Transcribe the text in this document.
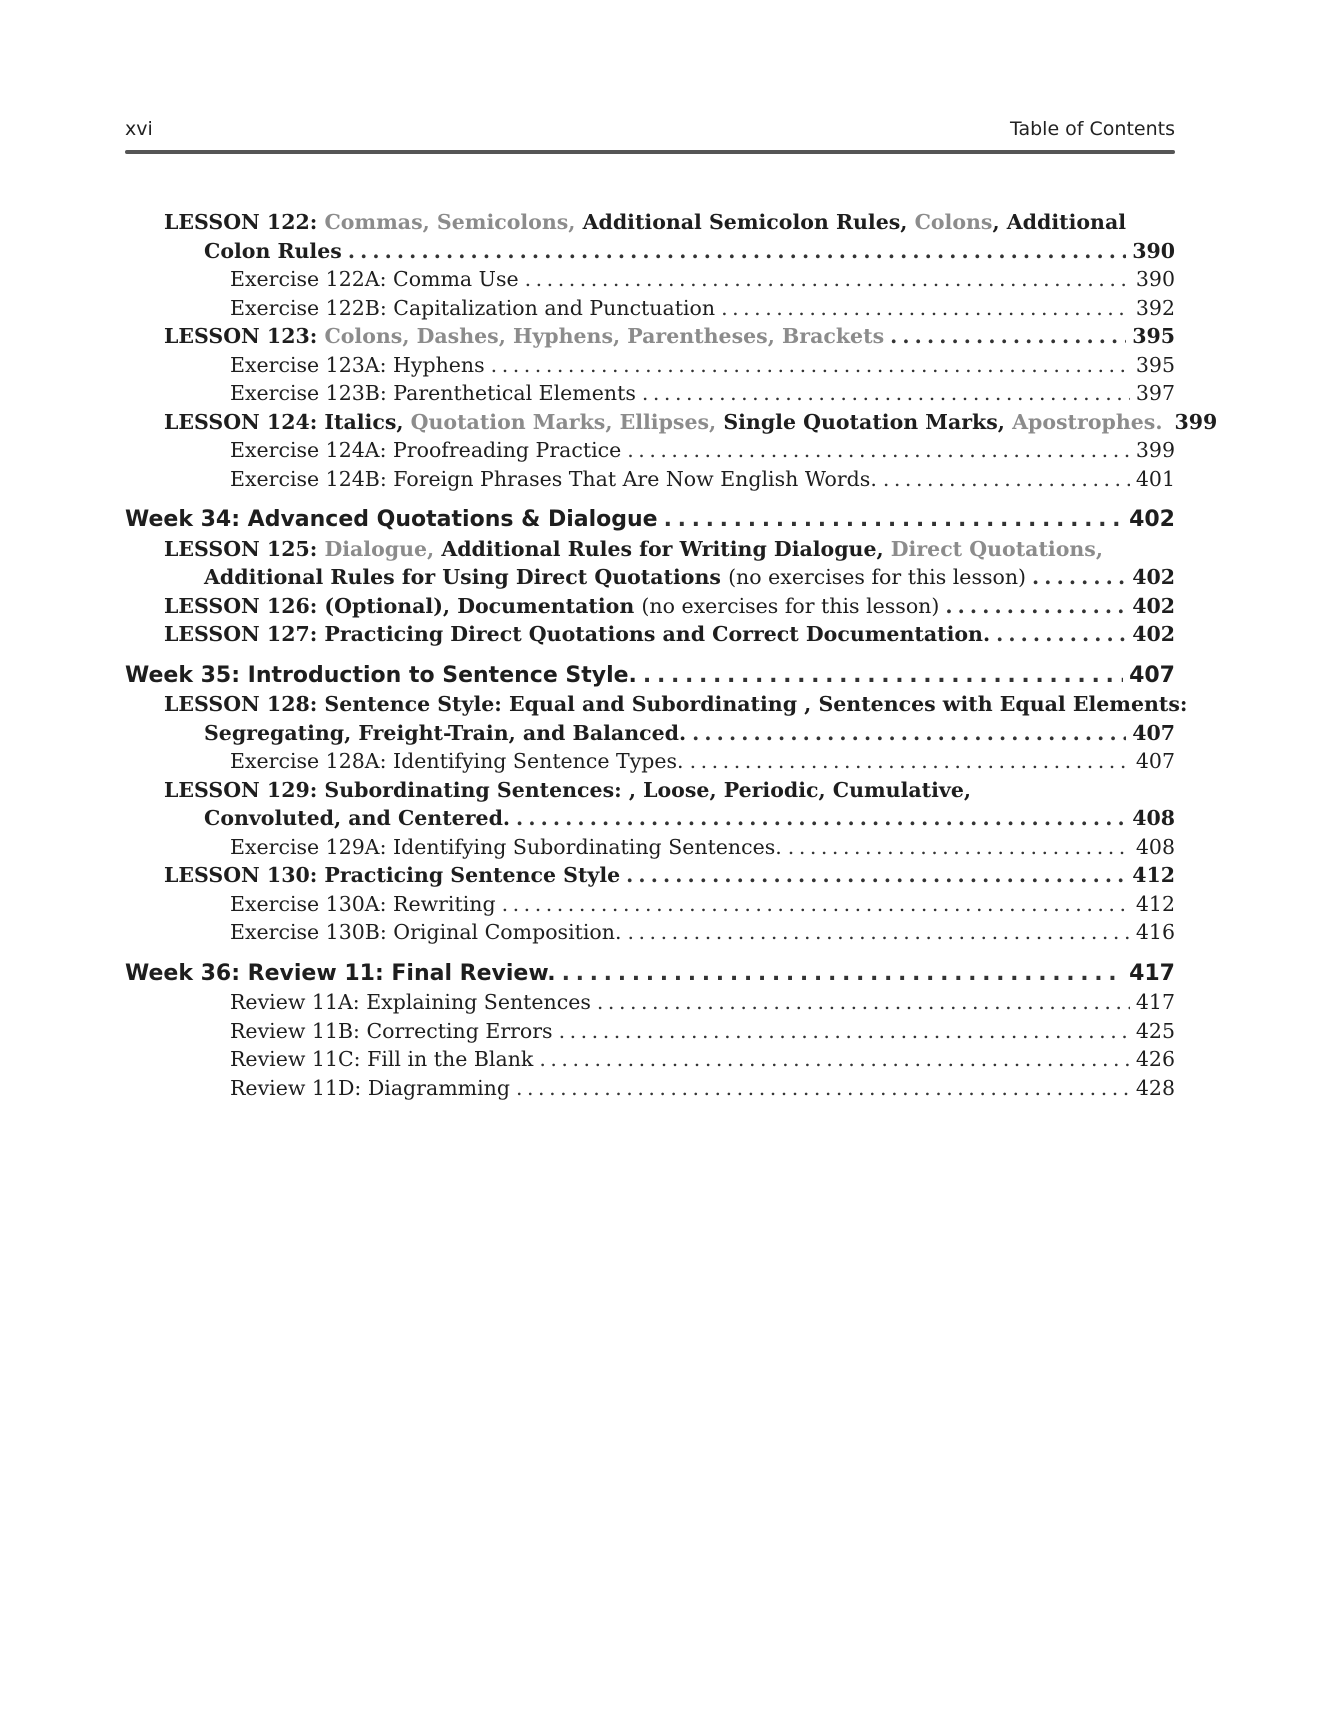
xvi	Table of Contents
LESSON 122: Commas, Semicolons, Additional Semicolon Rules, Colons, Additional
Colon Rules . . .	390
Exercise 122A: Comma Use . . .	390
Exercise 122B: Capitalization and Punctuation . . .	392
LESSON 123: Colons, Dashes, Hyphens, Parentheses, Brackets . . .	395
Exercise 123A: Hyphens . . .	395
Exercise 123B: Parenthetical Elements . . .	397
LESSON 124: Italics, Quotation Marks, Ellipses, Single Quotation Marks, Apostrophes. 399
Exercise 124A: Proofreading Practice . . .	399
Exercise 124B: Foreign Phrases That Are Now English Words. . . .	401
Week 34: Advanced Quotations & Dialogue . . .	402
LESSON 125: Dialogue, Additional Rules for Writing Dialogue, Direct Quotations,
Additional Rules for Using Direct Quotations (no exercises for this lesson) . . .	402
LESSON 126: (Optional), Documentation (no exercises for this lesson) . . .	402
LESSON 127: Practicing Direct Quotations and Correct Documentation. . . .	402
Week 35: Introduction to Sentence Style. . . .	407
LESSON 128: Sentence Style: Equal and Subordinating , Sentences with Equal Elements:
Segregating, Freight-Train, and Balanced. . . .	407
Exercise 128A: Identifying Sentence Types. . . .	407
LESSON 129: Subordinating Sentences: , Loose, Periodic, Cumulative,
Convoluted, and Centered. . . .	408
Exercise 129A: Identifying Subordinating Sentences. . . .	408
LESSON 130: Practicing Sentence Style . . .	412
Exercise 130A: Rewriting . . .	412
Exercise 130B: Original Composition. . . .	416
Week 36: Review 11: Final Review. . . .	417
Review 11A: Explaining Sentences . . .	417
Review 11B: Correcting Errors . . .	425
Review 11C: Fill in the Blank . . .	426
Review 11D: Diagramming . . .	428
